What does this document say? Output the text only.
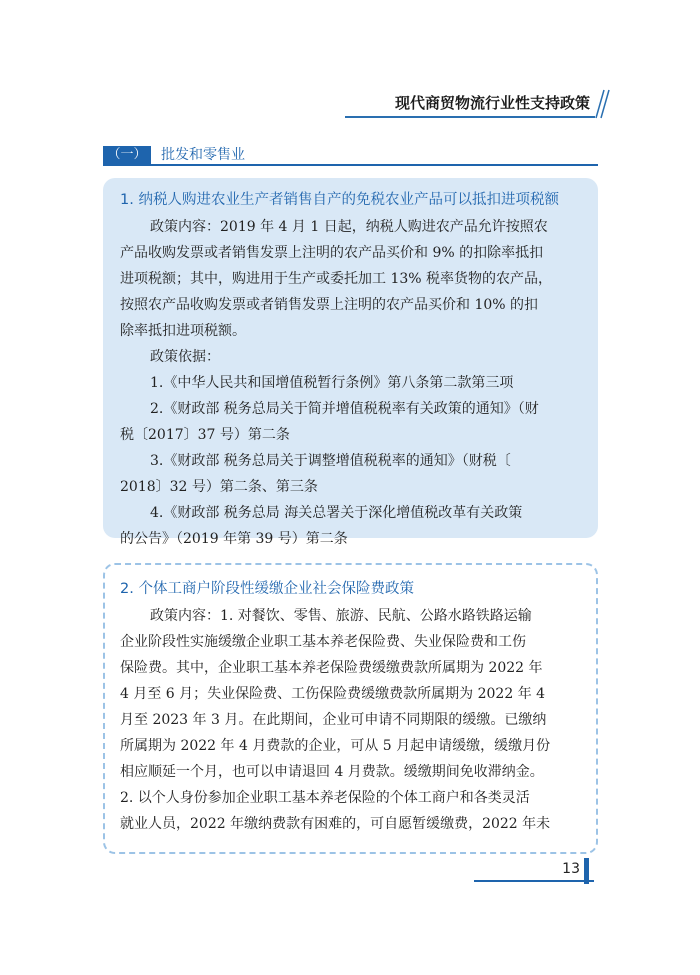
现代商贸物流行业性支持政策
（一）	批发和零售业
1. 纳税人购进农业生产者销售自产的免税农业产品可以抵扣进项税额
政策内容：2019 年 4 月 1 日起，纳税人购进农产品允许按照农
产品收购发票或者销售发票上注明的农产品买价和 9% 的扣除率抵扣
进项税额；其中，购进用于生产或委托加工 13% 税率货物的农产品，
按照农产品收购发票或者销售发票上注明的农产品买价和 10% 的扣
除率抵扣进项税额。
政策依据：
1.《中华人民共和国增值税暂行条例》第八条第二款第三项
2.《财政部 税务总局关于简并增值税税率有关政策的通知》（财
税〔2017〕37 号）第二条
3.《财政部 税务总局关于调整增值税税率的通知》（财税〔
2018〕32 号）第二条、第三条
4.《财政部 税务总局 海关总署关于深化增值税改革有关政策
的公告》（2019 年第 39 号）第二条
2. 个体工商户阶段性缓缴企业社会保险费政策
政策内容：1. 对餐饮、零售、旅游、民航、公路水路铁路运输
企业阶段性实施缓缴企业职工基本养老保险费、失业保险费和工伤
保险费。其中，企业职工基本养老保险费缓缴费款所属期为 2022 年
4 月至 6 月；失业保险费、工伤保险费缓缴费款所属期为 2022 年 4
月至 2023 年 3 月。在此期间，企业可申请不同期限的缓缴。已缴纳
所属期为 2022 年 4 月费款的企业，可从 5 月起申请缓缴，缓缴月份
相应顺延一个月，也可以申请退回 4 月费款。缓缴期间免收滞纳金。
2. 以个人身份参加企业职工基本养老保险的个体工商户和各类灵活
就业人员，2022 年缴纳费款有困难的，可自愿暂缓缴费，2022 年未
13
